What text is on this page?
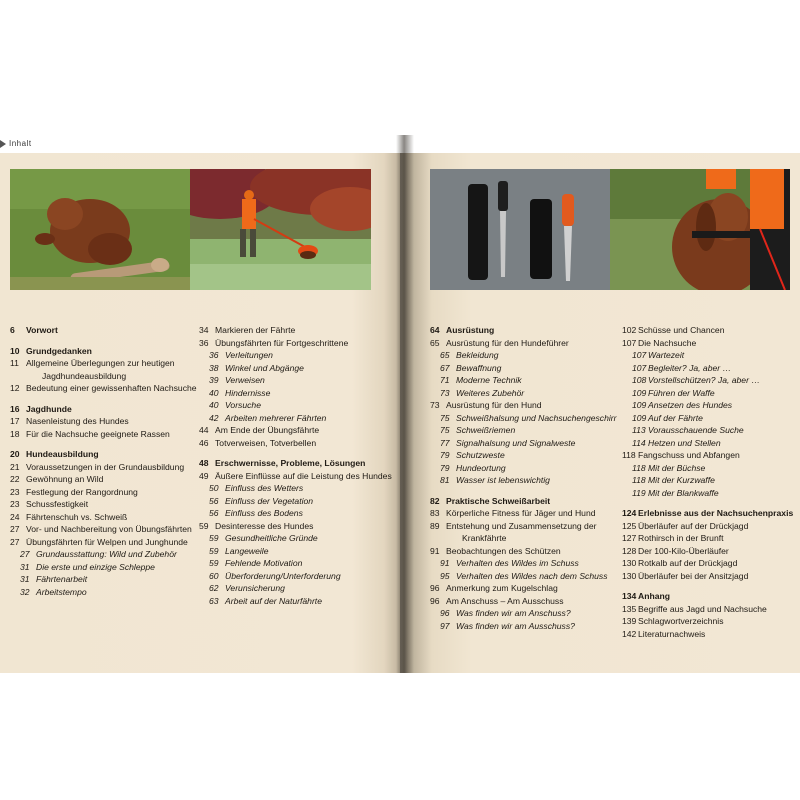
Inhalt
6	Vorwort
10 Grundgedanken
11 Allgemeine Überlegungen zur heutigen
Jagdhundeausbildung
12 Bedeutung einer gewissenhaften Nachsuche
16 Jagdhunde
17 Nasenleistung des Hundes
18 Für die Nachsuche geeignete Rassen
20 Hundeausbildung
21 Voraussetzungen in der Grundausbildung
22 Gewöhnung an Wild
23 Festlegung der Rangordnung
23 Schussfestigkeit
24 Fährtenschuh vs. Schweiß
27 Vor- und Nachbereitung von Übungsfährten
27 Übungsfährten für Welpen und Junghunde
27 Grundausstattung: Wild und Zubehör
31 Die erste und einzige Schleppe
31 Fährtenarbeit
32 Arbeitstempo
34 Markieren der Fährte
36 Übungsfährten für Fortgeschrittene
36 Verleitungen
38 Winkel und Abgänge
39 Verweisen
40 Hindernisse
40 Vorsuche
42 Arbeiten mehrerer Fährten
44 Am Ende der Übungsfährte
46 Totverweisen, Totverbellen
48 Erschwernisse, Probleme, Lösungen
49 Äußere Einflüsse auf die Leistung des Hundes
50 Einfluss des Wetters
56 Einfluss der Vegetation
56 Einfluss des Bodens
59 Desinteresse des Hundes
59 Gesundheitliche Gründe
59 Langeweile
59 Fehlende Motivation
60 Überforderung/Unterforderung
62 Verunsicherung
63 Arbeit auf der Naturfährte
64 Ausrüstung
65 Ausrüstung für den Hundeführer
65 Bekleidung
67 Bewaffnung
71 Moderne Technik
73 Weiteres Zubehör
73 Ausrüstung für den Hund
75 Schweißhalsung und Nachsuchengeschirr
75 Schweißriemen
77 Signalhalsung und Signalweste
79 Schutzweste
79 Hundeortung
81 Wasser ist lebenswichtig
82 Praktische Schweißarbeit
83 Körperliche Fitness für Jäger und Hund
89 Entstehung und Zusammensetzung der
Krankfährte
91 Beobachtungen des Schützen
91 Verhalten des Wildes im Schuss
95 Verhalten des Wildes nach dem Schuss
96 Anmerkung zum Kugelschlag
96 Am Anschuss – Am Ausschuss
96 Was finden wir am Anschuss?
97 Was finden wir am Ausschuss?
102 Schüsse und Chancen
107 Die Nachsuche
107 Wartezeit
107 Begleiter? Ja, aber …
108 Vorstellschützen? Ja, aber …
109 Führen der Waffe
109 Ansetzen des Hundes
109 Auf der Fährte
113 Vorausschauende Suche
114 Hetzen und Stellen
118 Fangschuss und Abfangen
118 Mit der Büchse
118 Mit der Kurzwaffe
119 Mit der Blankwaffe
124 Erlebnisse aus der Nachsuchenpraxis
125 Überläufer auf der Drückjagd
127 Rothirsch in der Brunft
128 Der 100-Kilo-Überläufer
130 Rotkalb auf der Drückjagd
130 Überläufer bei der Ansitzjagd
134 Anhang
135 Begriffe aus Jagd und Nachsuche
139 Schlagwortverzeichnis
142 Literaturnachweis
